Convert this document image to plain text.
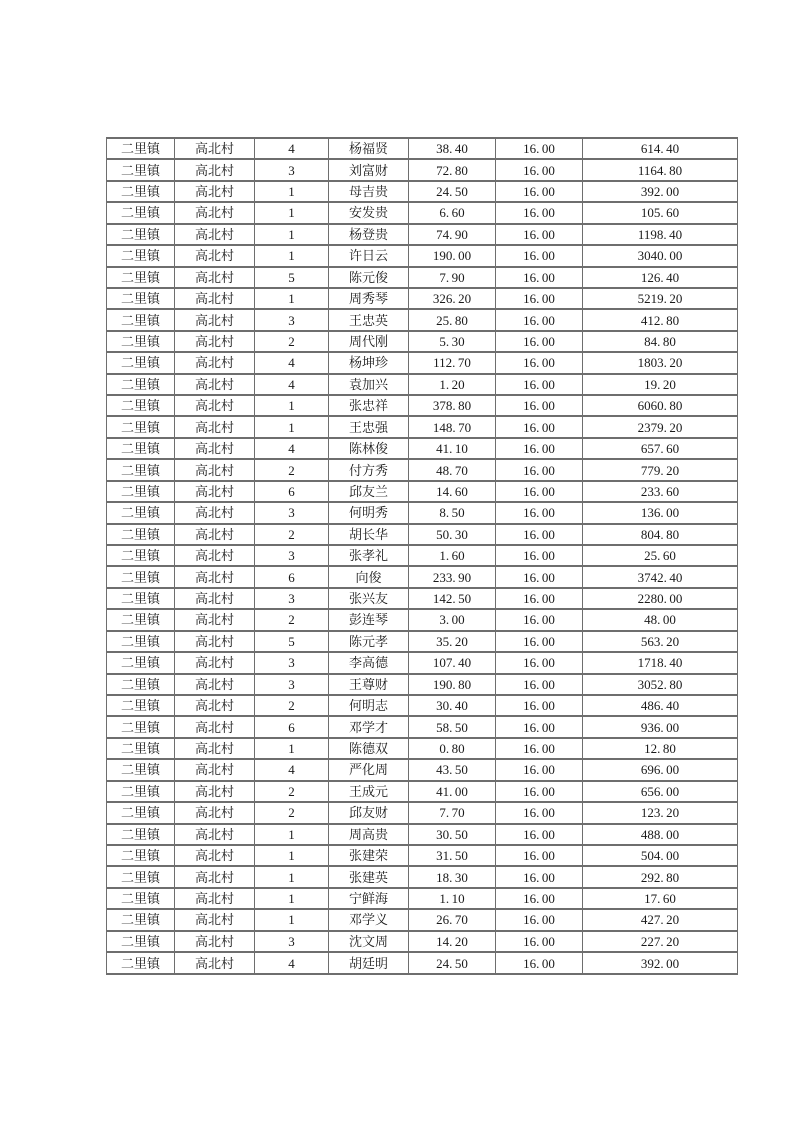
二里镇	高北村	4	杨福贤	38. 40	16. 00	614. 40
二里镇	高北村	3	刘富财	72. 80	16. 00	1164. 80
二里镇	高北村	1	母吉贵	24. 50	16. 00	392. 00
二里镇	高北村	1	安发贵	6. 60	16. 00	105. 60
二里镇	高北村	1	杨登贵	74. 90	16. 00	1198. 40
二里镇	高北村	1	许日云	190. 00	16. 00	3040. 00
二里镇	高北村	5	陈元俊	7. 90	16. 00	126. 40
二里镇	高北村	1	周秀琴	326. 20	16. 00	5219. 20
二里镇	高北村	3	王忠英	25. 80	16. 00	412. 80
二里镇	高北村	2	周代刚	5. 30	16. 00	84. 80
二里镇	高北村	4	杨坤珍	112. 70	16. 00	1803. 20
二里镇	高北村	4	袁加兴	1. 20	16. 00	19. 20
二里镇	高北村	1	张忠祥	378. 80	16. 00	6060. 80
二里镇	高北村	1	王忠强	148. 70	16. 00	2379. 20
二里镇	高北村	4	陈林俊	41. 10	16. 00	657. 60
二里镇	高北村	2	付方秀	48. 70	16. 00	779. 20
二里镇	高北村	6	邱友兰	14. 60	16. 00	233. 60
二里镇	高北村	3	何明秀	8. 50	16. 00	136. 00
二里镇	高北村	2	胡长华	50. 30	16. 00	804. 80
二里镇	高北村	3	张孝礼	1. 60	16. 00	25. 60
二里镇	高北村	6	向俊	233. 90	16. 00	3742. 40
二里镇	高北村	3	张兴友	142. 50	16. 00	2280. 00
二里镇	高北村	2	彭连琴	3. 00	16. 00	48. 00
二里镇	高北村	5	陈元孝	35. 20	16. 00	563. 20
二里镇	高北村	3	李高德	107. 40	16. 00	1718. 40
二里镇	高北村	3	王尊财	190. 80	16. 00	3052. 80
二里镇	高北村	2	何明志	30. 40	16. 00	486. 40
二里镇	高北村	6	邓学才	58. 50	16. 00	936. 00
二里镇	高北村	1	陈德双	0. 80	16. 00	12. 80
二里镇	高北村	4	严化周	43. 50	16. 00	696. 00
二里镇	高北村	2	王成元	41. 00	16. 00	656. 00
二里镇	高北村	2	邱友财	7. 70	16. 00	123. 20
二里镇	高北村	1	周高贵	30. 50	16. 00	488. 00
二里镇	高北村	1	张建荣	31. 50	16. 00	504. 00
二里镇	高北村	1	张建英	18. 30	16. 00	292. 80
二里镇	高北村	1	宁鲜海	1. 10	16. 00	17. 60
二里镇	高北村	1	邓学义	26. 70	16. 00	427. 20
二里镇	高北村	3	沈文周	14. 20	16. 00	227. 20
二里镇	高北村	4	胡廷明	24. 50	16. 00	392. 00
